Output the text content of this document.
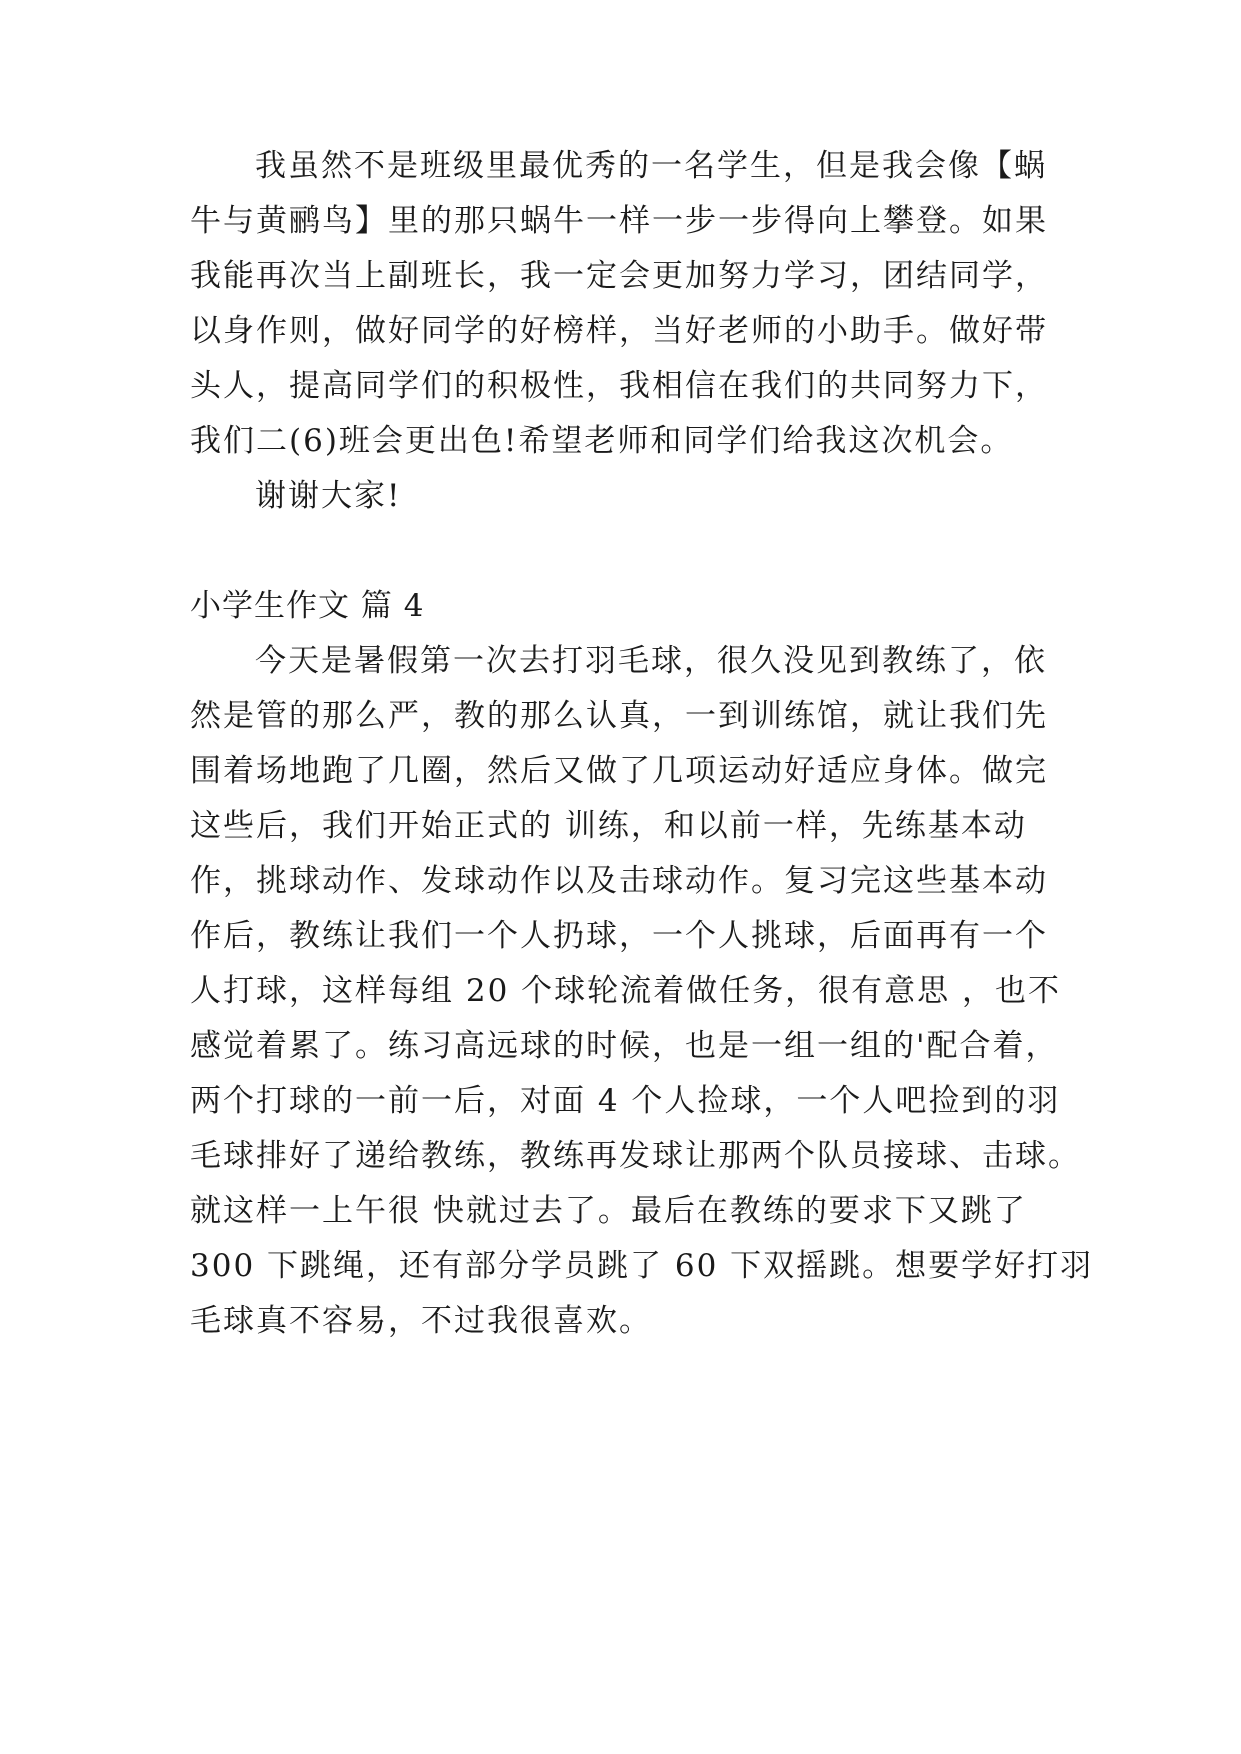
我虽然不是班级里最优秀的一名学生，但是我会像【蜗
牛与黄鹂鸟】里的那只蜗牛一样一步一步得向上攀登。如果
我能再次当上副班长，我一定会更加努力学习，团结同学，
以身作则，做好同学的好榜样，当好老师的小助手。做好带
头人，提高同学们的积极性，我相信在我们的共同努力下，
我们二(6)班会更出色!希望老师和同学们给我这次机会。
谢谢大家!
小学生作文 篇 4
今天是暑假第一次去打羽毛球，很久没见到教练了，依
然是管的那么严，教的那么认真，一到训练馆，就让我们先
围着场地跑了几圈，然后又做了几项运动好适应身体。做完
这些后，我们开始正式的 训练，和以前一样，先练基本动
作，挑球动作、发球动作以及击球动作。复习完这些基本动
作后，教练让我们一个人扔球，一个人挑球，后面再有一个
人打球，这样每组 20 个球轮流着做任务，很有意思 ，也不
感觉着累了。练习高远球的时候，也是一组一组的'配合着，
两个打球的一前一后，对面 4 个人捡球，一个人吧捡到的羽
毛球排好了递给教练，教练再发球让那两个队员接球、击球。
就这样一上午很 快就过去了。最后在教练的要求下又跳了
300 下跳绳，还有部分学员跳了 60 下双摇跳。想要学好打羽
毛球真不容易，不过我很喜欢。
